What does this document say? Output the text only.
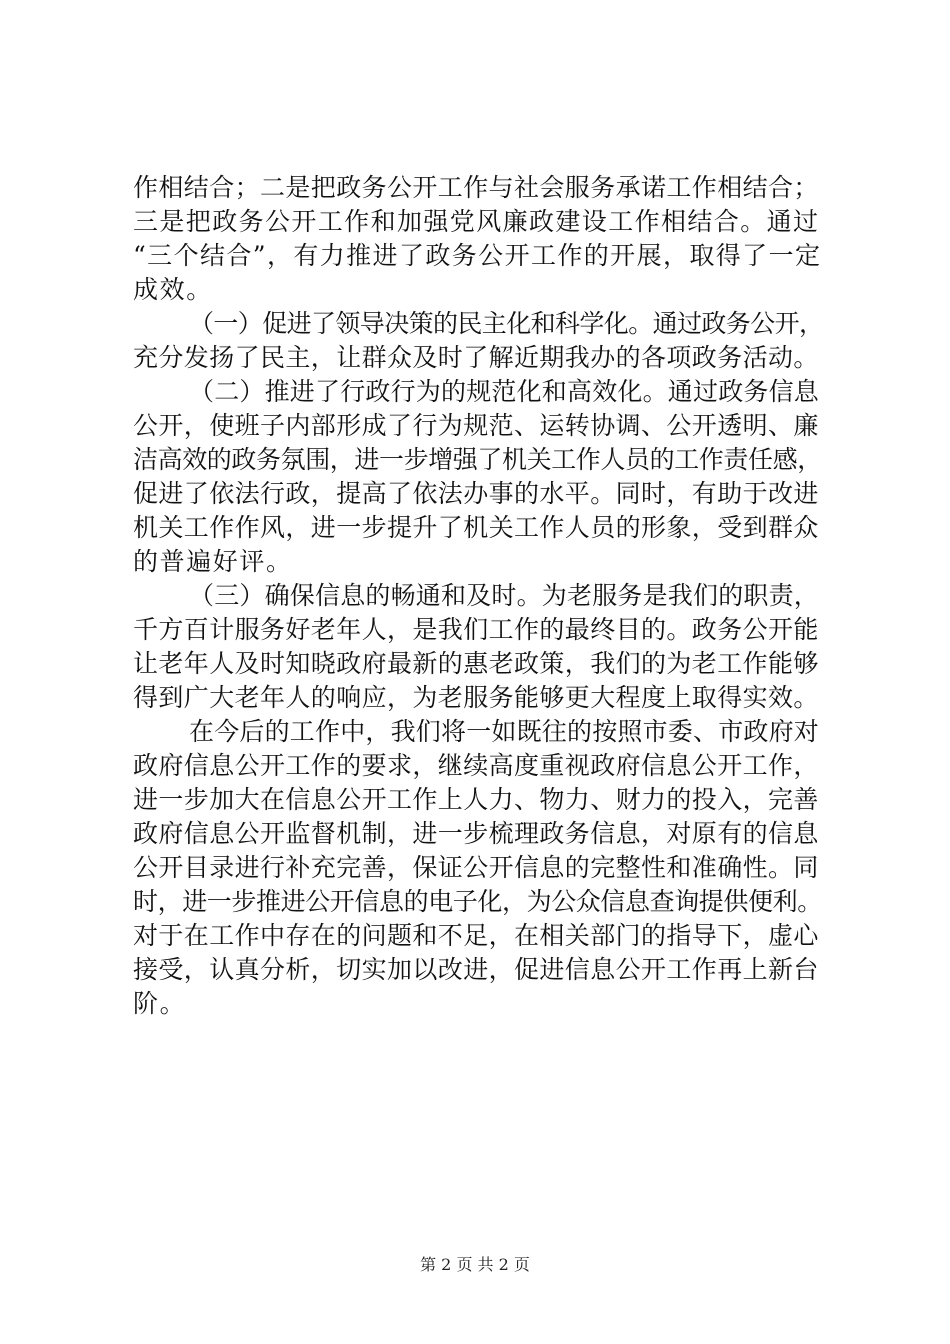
作相结合；二是把政务公开工作与社会服务承诺工作相结合；
三是把政务公开工作和加强党风廉政建设工作相结合。通过
“三个结合”，有力推进了政务公开工作的开展，取得了一定
成效。
（一）促进了领导决策的民主化和科学化。通过政务公开，
充分发扬了民主，让群众及时了解近期我办的各项政务活动。
（二）推进了行政行为的规范化和高效化。通过政务信息
公开，使班子内部形成了行为规范、运转协调、公开透明、廉
洁高效的政务氛围，进一步增强了机关工作人员的工作责任感，
促进了依法行政，提高了依法办事的水平。同时，有助于改进
机关工作作风，进一步提升了机关工作人员的形象，受到群众
的普遍好评。
（三）确保信息的畅通和及时。为老服务是我们的职责，
千方百计服务好老年人，是我们工作的最终目的。政务公开能
让老年人及时知晓政府最新的惠老政策，我们的为老工作能够
得到广大老年人的响应，为老服务能够更大程度上取得实效。
在今后的工作中，我们将一如既往的按照市委、市政府对
政府信息公开工作的要求，继续高度重视政府信息公开工作，
进一步加大在信息公开工作上人力、物力、财力的投入，完善
政府信息公开监督机制，进一步梳理政务信息，对原有的信息
公开目录进行补充完善，保证公开信息的完整性和准确性。同
时，进一步推进公开信息的电子化，为公众信息查询提供便利。
对于在工作中存在的问题和不足，在相关部门的指导下，虚心
接受，认真分析，切实加以改进，促进信息公开工作再上新台
阶。
第 2 页 共 2 页
